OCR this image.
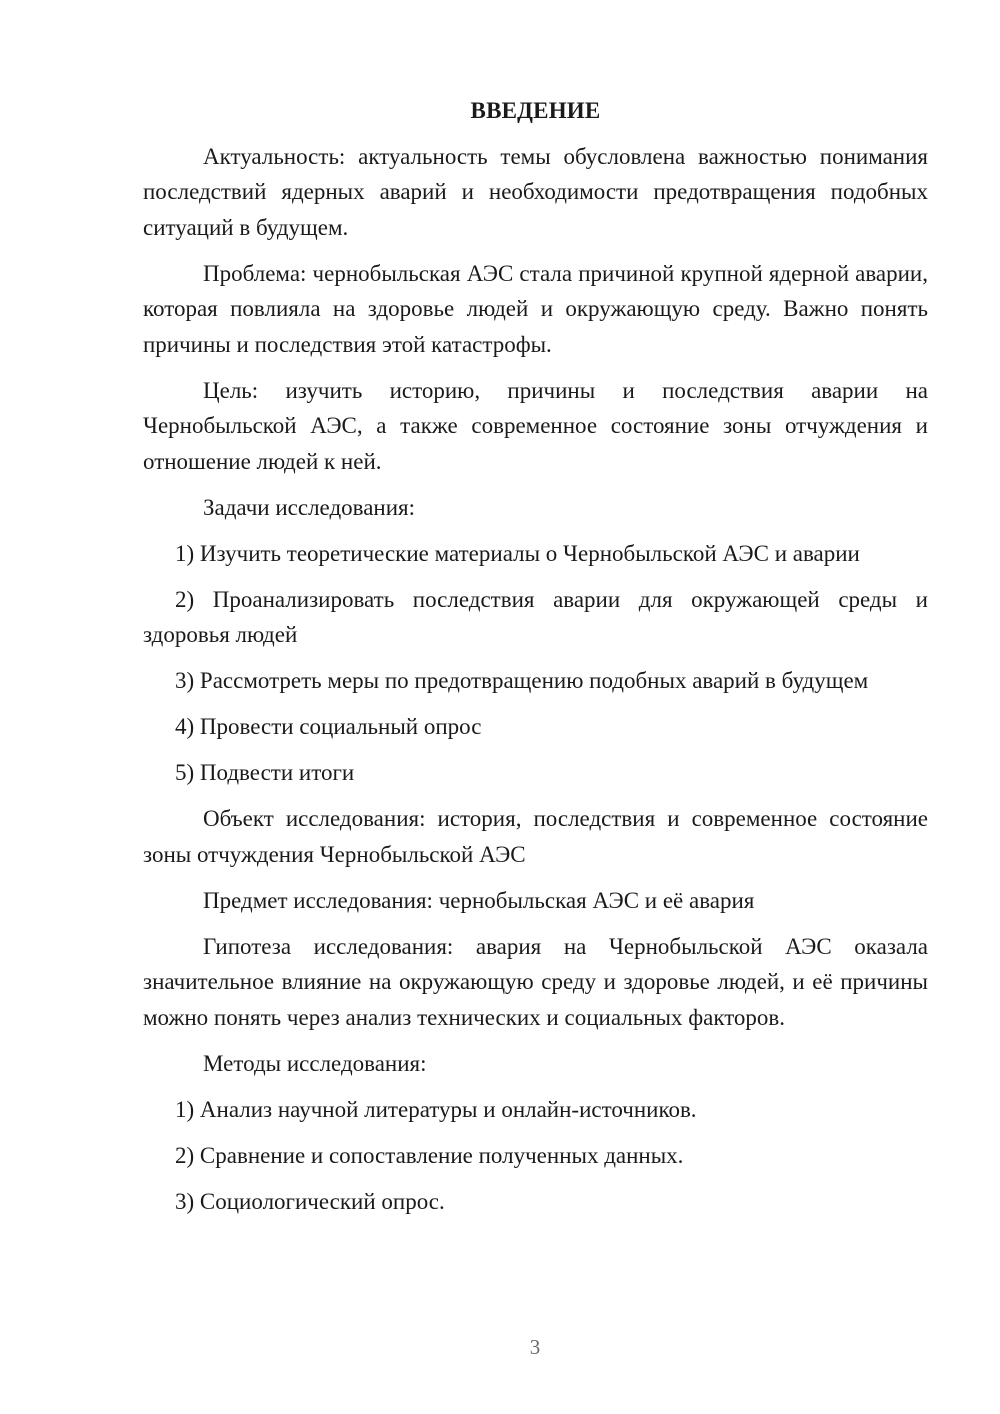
ВВЕДЕНИЕ

Актуальность: актуальность темы обусловлена важностью понимания последствий ядерных аварий и необходимости предотвращения подобных ситуаций в будущем.

Проблема: чернобыльская АЭС стала причиной крупной ядерной аварии, которая повлияла на здоровье людей и окружающую среду. Важно понять причины и последствия этой катастрофы.

Цель: изучить историю, причины и последствия аварии на Чернобыльской АЭС, а также современное состояние зоны отчуждения и отношение людей к ней.

Задачи исследования:

1) Изучить теоретические материалы о Чернобыльской АЭС и аварии

2) Проанализировать последствия аварии для окружающей среды и здоровья людей

3) Рассмотреть меры по предотвращению подобных аварий в будущем

4) Провести социальный опрос

5) Подвести итоги

Объект исследования: история, последствия и современное состояние зоны отчуждения Чернобыльской АЭС

Предмет исследования: чернобыльская АЭС и её авария

Гипотеза исследования: авария на Чернобыльской АЭС оказала значительное влияние на окружающую среду и здоровье людей, и её причины можно понять через анализ технических и социальных факторов.

Методы исследования:

1) Анализ научной литературы и онлайн-источников.

2) Сравнение и сопоставление полученных данных.

3) Социологический опрос.

3
